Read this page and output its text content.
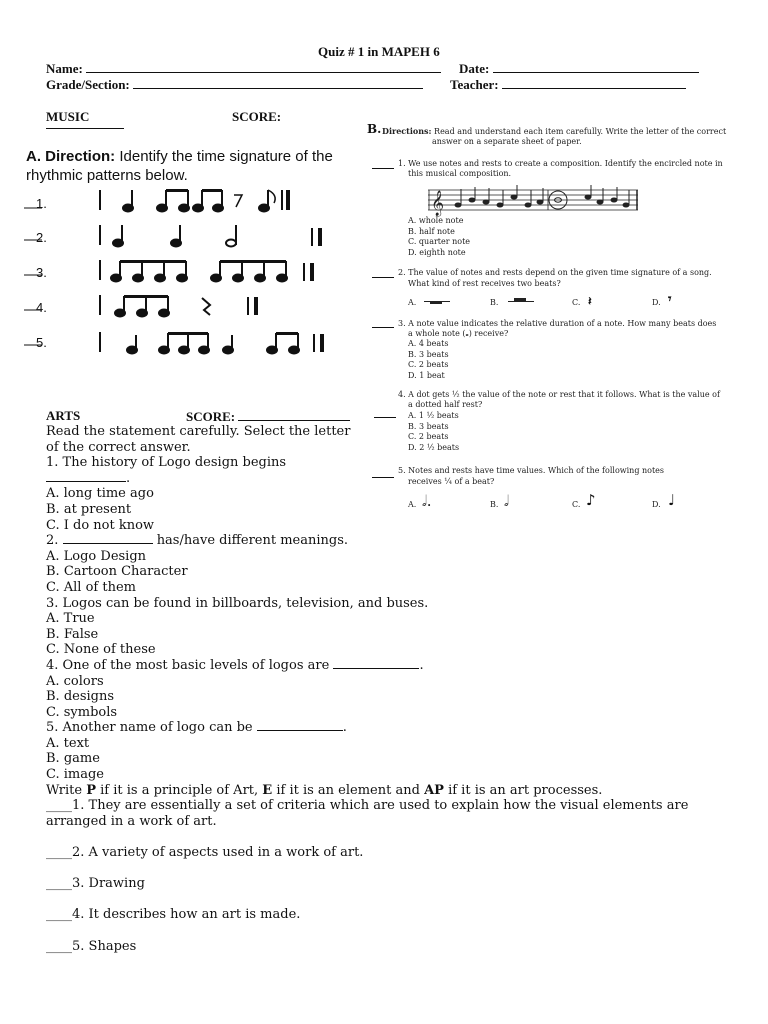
Quiz # 1 in MAPEH 6
Name:	Date:
Grade/Section:	Teacher:
MUSIC	SCORE:
A. Direction: Identify the time signature of the
rhythmic patterns below.
1.
2.
3.
4.
5.
B. Directions: Read and understand each item carefully. Write the letter of the correct
answer on a separate sheet of paper.
1. We use notes and rests to create a composition. Identify the encircled note in
this musical composition.
𝄞
A. whole note
B. half note
C. quarter note
D. eighth note
2. The value of notes and rests depend on the given time signature of a song.
What kind of rest receives two beats?
A.	B.	C. 𝄽	D. 𝄾
3. A note value indicates the relative duration of a note. How many beats does
a whole note (𝅝) receive?
A. 4 beats
B. 3 beats
C. 2 beats
D. 1 beat
4. A dot gets ½ the value of the note or rest that it follows. What is the value of
a dotted half rest?
A. 1 ½ beats
B. 3 beats
C. 2 beats
D. 2 ½ beats
5. Notes and rests have time values. Which of the following notes
receives ¼ of a beat?
A. 𝅗𝅥.	B. 𝅗𝅥	C. ♪	D. ♩
ARTS	SCORE:
Read the statement carefully. Select the letter
of the correct answer.
1. The history of Logo design begins
.
A. long time ago
B. at present
C. I do not know
2.	has/have different meanings.
A. Logo Design
B. Cartoon Character
C. All of them
3. Logos can be found in billboards, television, and buses.
A. True
B. False
C. None of these
4. One of the most basic levels of logos are	.
A. colors
B. designs
C. symbols
5. Another name of logo can be	.
A. text
B. game
C. image
Write P if it is a principle of Art, E if it is an element and AP if it is an art processes.
____1. They are essentially a set of criteria which are used to explain how the visual elements are arranged in a work of art.
____2. A variety of aspects used in a work of art.
____3. Drawing
____4. It describes how an art is made.
____5. Shapes
